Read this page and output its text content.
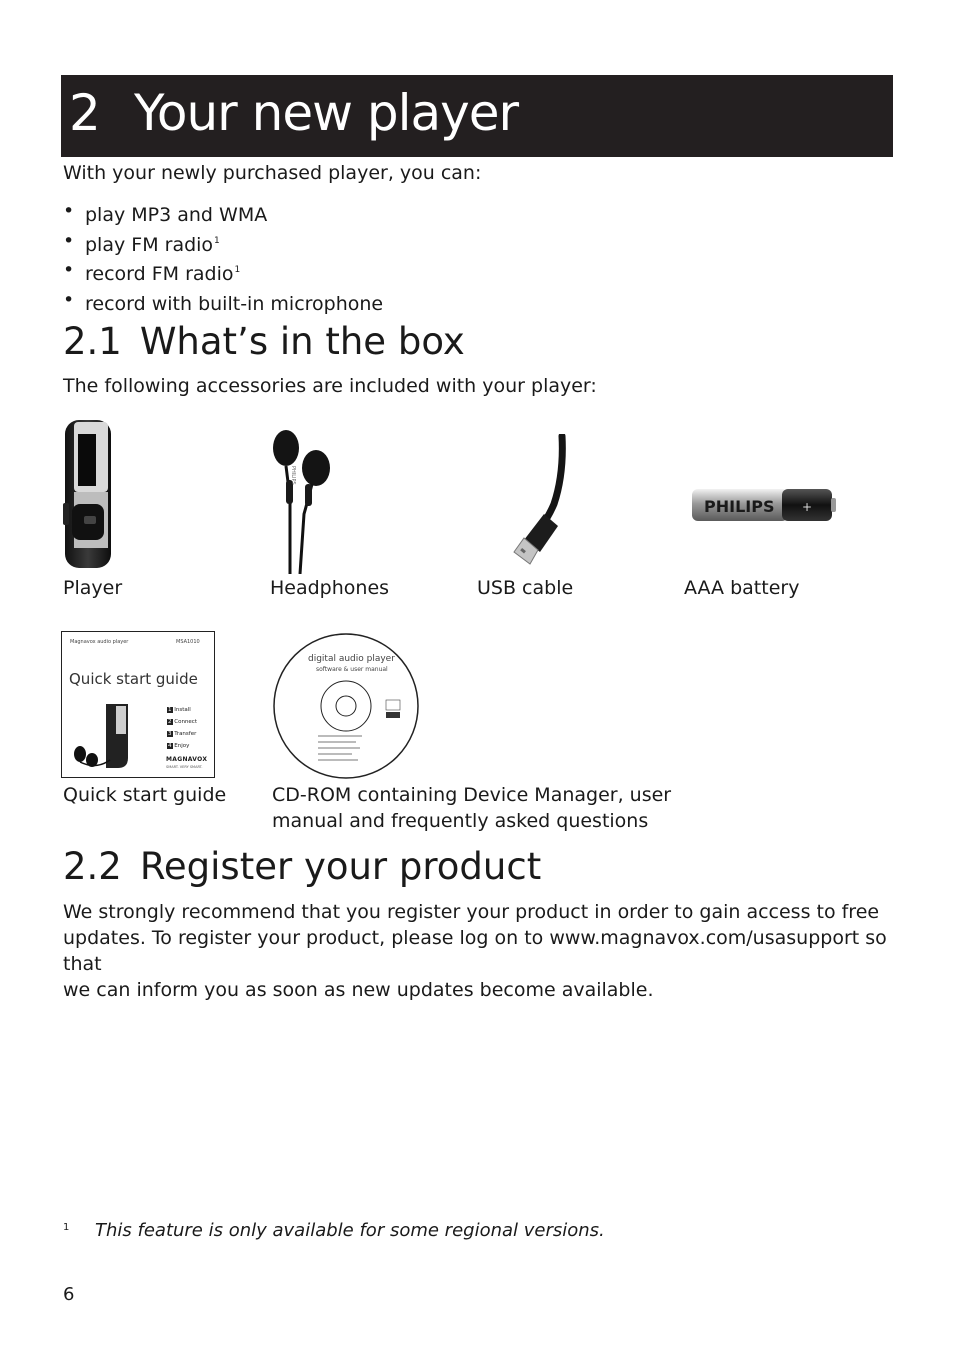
2 Your new player
With your newly purchased player, you can:
• play MP3 and WMA
• play FM radio$^1$
• record FM radio$^1$
• record with built-in microphone
2.1 What’s in the box
The following accessories are included with your player:
PHILIPS
PHILIPS +
Player	Headphones	USB cable	AAA battery
Magnavox audio player	MSA1010
Quick start guide
1 Install
2 Connect
3 Transfer
4 Enjoy
MAGNAVOX
SMART. VERY SMART.
digital audio player
software & user manual
Quick start guide CD-ROM containing Device Manager, user
manual and frequently asked questions
2.2 Register your product
We strongly recommend that you register your product in order to gain access to free
updates. To register your product, please log on to www.magnavox.com/usasupport so that
we can inform you as soon as new updates become available.
1 This feature is only available for some regional versions.
6
